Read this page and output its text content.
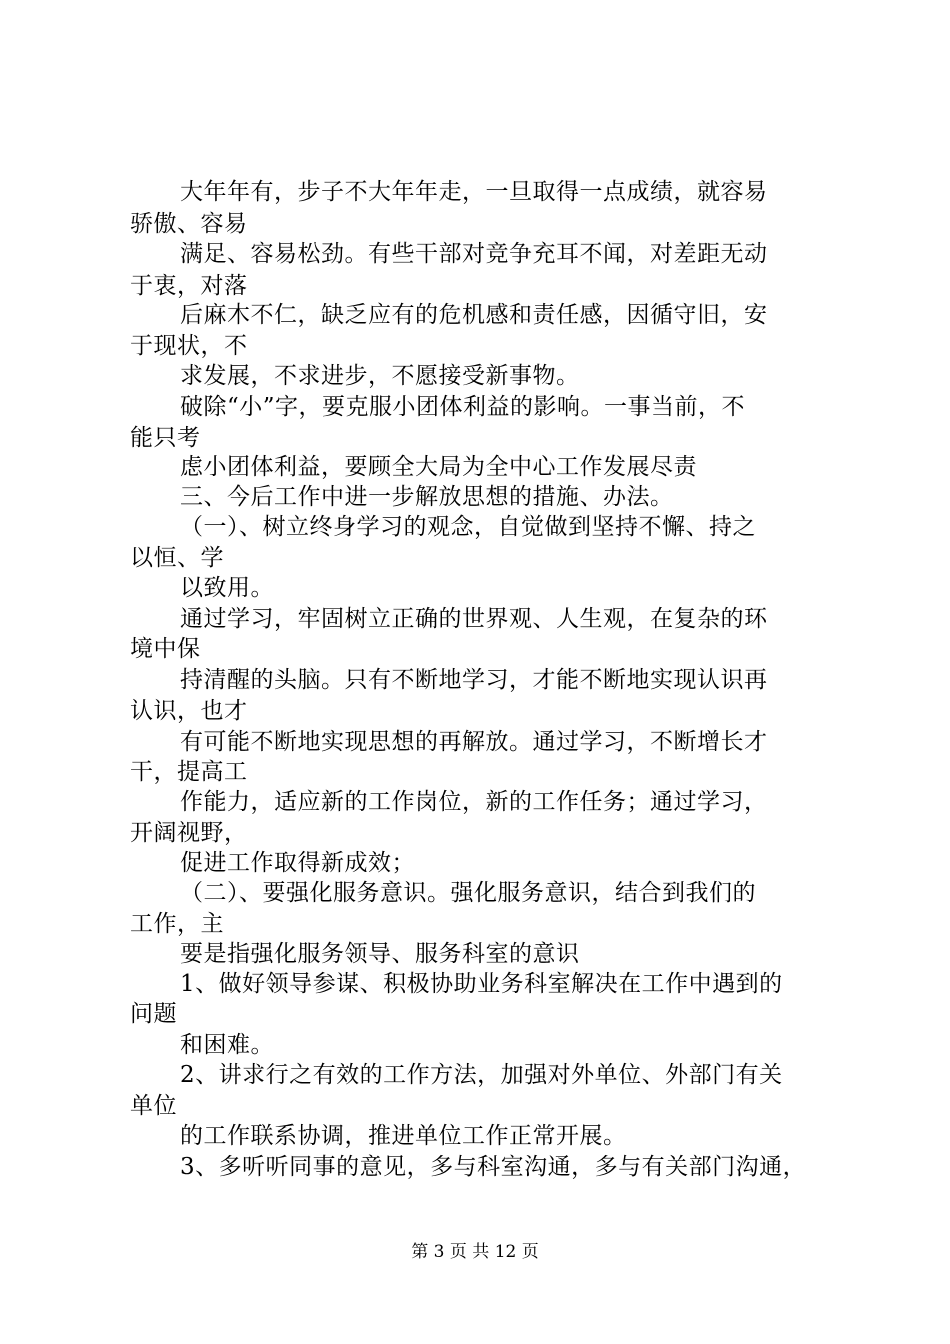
大年年有，步子不大年年走，一旦取得一点成绩，就容易
骄傲、容易
满足、容易松劲。有些干部对竞争充耳不闻，对差距无动
于衷，对落
后麻木不仁，缺乏应有的危机感和责任感，因循守旧，安
于现状，不
求发展，不求进步，不愿接受新事物。
破除“小”字，要克服小团体利益的影响。一事当前，不
能只考
虑小团体利益，要顾全大局为全中心工作发展尽责
三、今后工作中进一步解放思想的措施、办法。
（一）、树立终身学习的观念，自觉做到坚持不懈、持之
以恒、学
以致用。
通过学习，牢固树立正确的世界观、人生观，在复杂的环
境中保
持清醒的头脑。只有不断地学习，才能不断地实现认识再
认识，也才
有可能不断地实现思想的再解放。通过学习，不断增长才
干，提高工
作能力，适应新的工作岗位，新的工作任务；通过学习，
开阔视野，
促进工作取得新成效；
（二）、要强化服务意识。强化服务意识，结合到我们的
工作，主
要是指强化服务领导、服务科室的意识
1、做好领导参谋、积极协助业务科室解决在工作中遇到的
问题
和困难。
2、讲求行之有效的工作方法，加强对外单位、外部门有关
单位
的工作联系协调，推进单位工作正常开展。
3、多听听同事的意见，多与科室沟通，多与有关部门沟通，
第 3 页 共 12 页
